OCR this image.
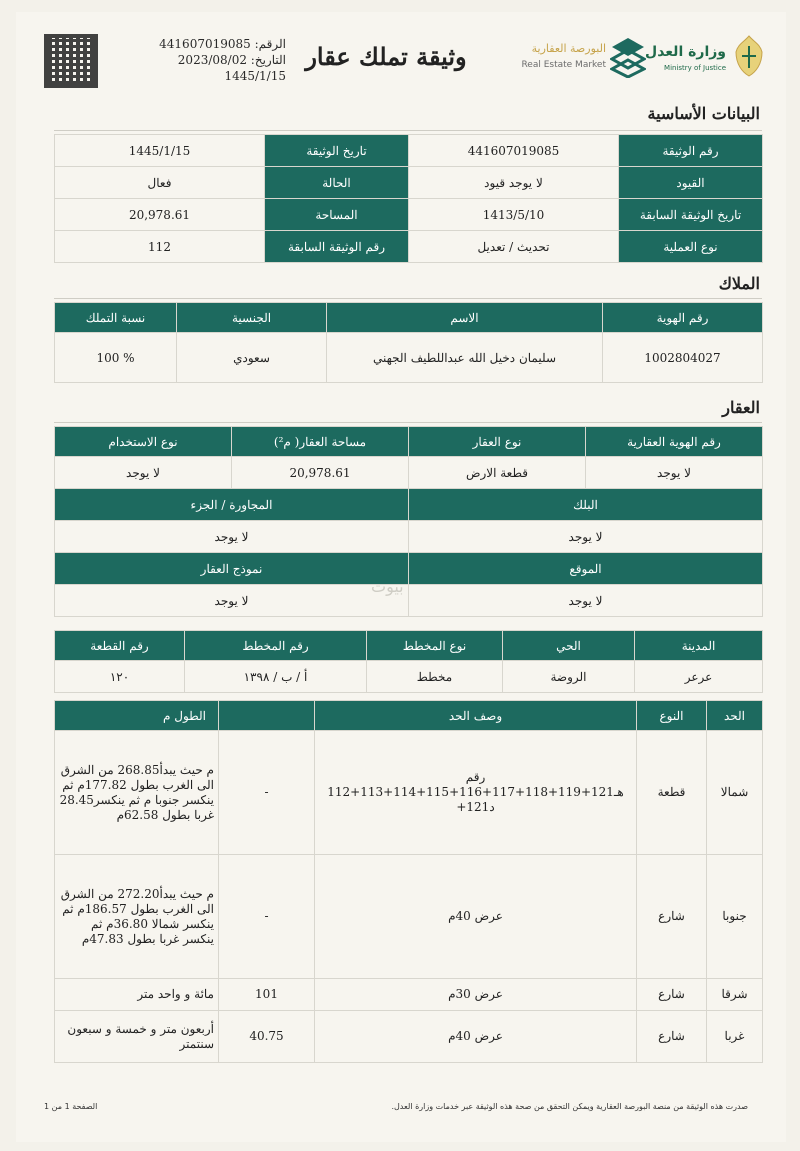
الرقم: 441607019085
التاريخ: 2023/08/02
1445/1/15
وثيقة تملك عقار	البورصة العقارية
Real Estate Market
وزارة العدل
Ministry of Justice
البيانات الأساسية
رقم الوثيقة	441607019085	تاريخ الوثيقة	1445/1/15
القيود	لا يوجد قيود	الحالة	فعال
تاريخ الوثيقة السابقة	1413/5/10	المساحة	20,978.61
نوع العملية	تحديث / تعديل	رقم الوثيقة السابقة	112
الملاك
رقم الهوية	الاسم	الجنسية	نسبة التملك
1002804027	سليمان دخيل الله عبداللطيف الجهني	سعودي	100 %
العقار
رقم الهوية العقارية	نوع العقار	مساحة العقار( م²)	نوع الاستخدام
لا يوجد	قطعة الارض	20,978.61	لا يوجد
البلك		المجاورة / الجزء	
لا يوجد		لا يوجد	
الموقع		نموذج العقار	
لا يوجد		لا يوجد	
بيوت
المدينة	الحي	نوع المخطط	رقم المخطط	رقم القطعة
عرعر	الروضة	مخطط	أ / ب / ١٣٩٨	١٢٠
الحد	النوع	وصف الحد		الطول م
شمالا	قطعة	رقم هـ121+119+118+117+116+115+114+113+112 د121+	-	م حيث يبدأ268.85 من الشرق الى الغرب بطول 177.82م ثم ينكسر جنوبا م ثم ينكسر28.45 غربا بطول 62.58م
جنوبا	شارع	عرض 40م	-	م حيث يبدأ272.20 من الشرق الى الغرب بطول 186.57م ثم ينكسر شمالا 36.80م ثم ينكسر غربا بطول 47.83م
شرقا	شارع	عرض 30م	101	مائة و واحد متر
غربا	شارع	عرض 40م	40.75	أربعون متر و خمسة و سبعون سنتمتر
صدرت هذه الوثيقة من منصة البورصة العقارية ويمكن التحقق من صحة هذه الوثيقة عبر خدمات وزارة العدل.
الصفحة 1 من 1
